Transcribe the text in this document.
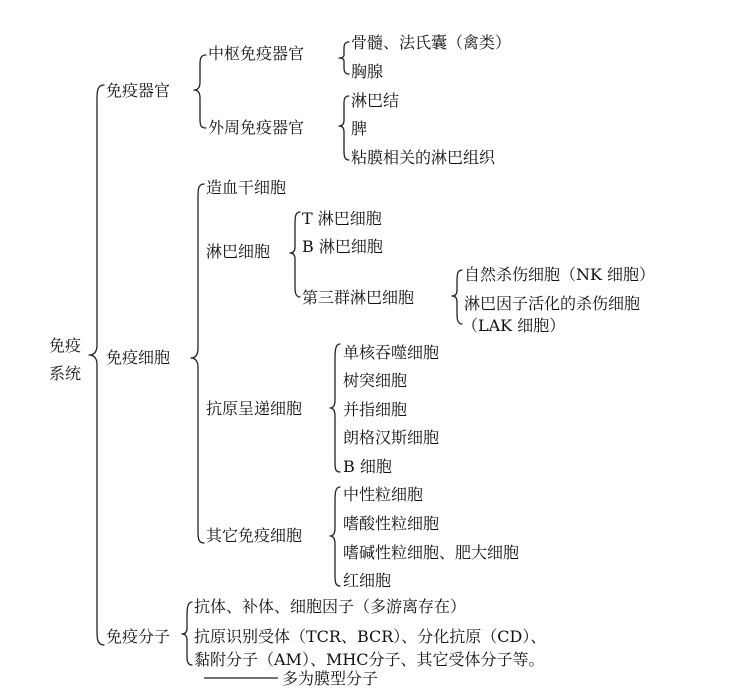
免疫
系统
免疫器官
中枢免疫器官
骨髓、法氏囊（禽类）
胸腺
外周免疫器官
淋巴结
脾
粘膜相关的淋巴组织
免疫细胞
造血干细胞
淋巴细胞
T 淋巴细胞
B 淋巴细胞
第三群淋巴细胞
自然杀伤细胞（NK 细胞）
淋巴因子活化的杀伤细胞
（LAK 细胞）
抗原呈递细胞
单核吞噬细胞
树突细胞
并指细胞
朗格汉斯细胞
B 细胞
其它免疫细胞
中性粒细胞
嗜酸性粒细胞
嗜碱性粒细胞、肥大细胞
红细胞
免疫分子
抗体、补体、细胞因子（多游离存在）
抗原识别受体（TCR、BCR）、分化抗原（CD）、
黏附分子（AM）、MHC分子、其它受体分子等。
多为膜型分子
